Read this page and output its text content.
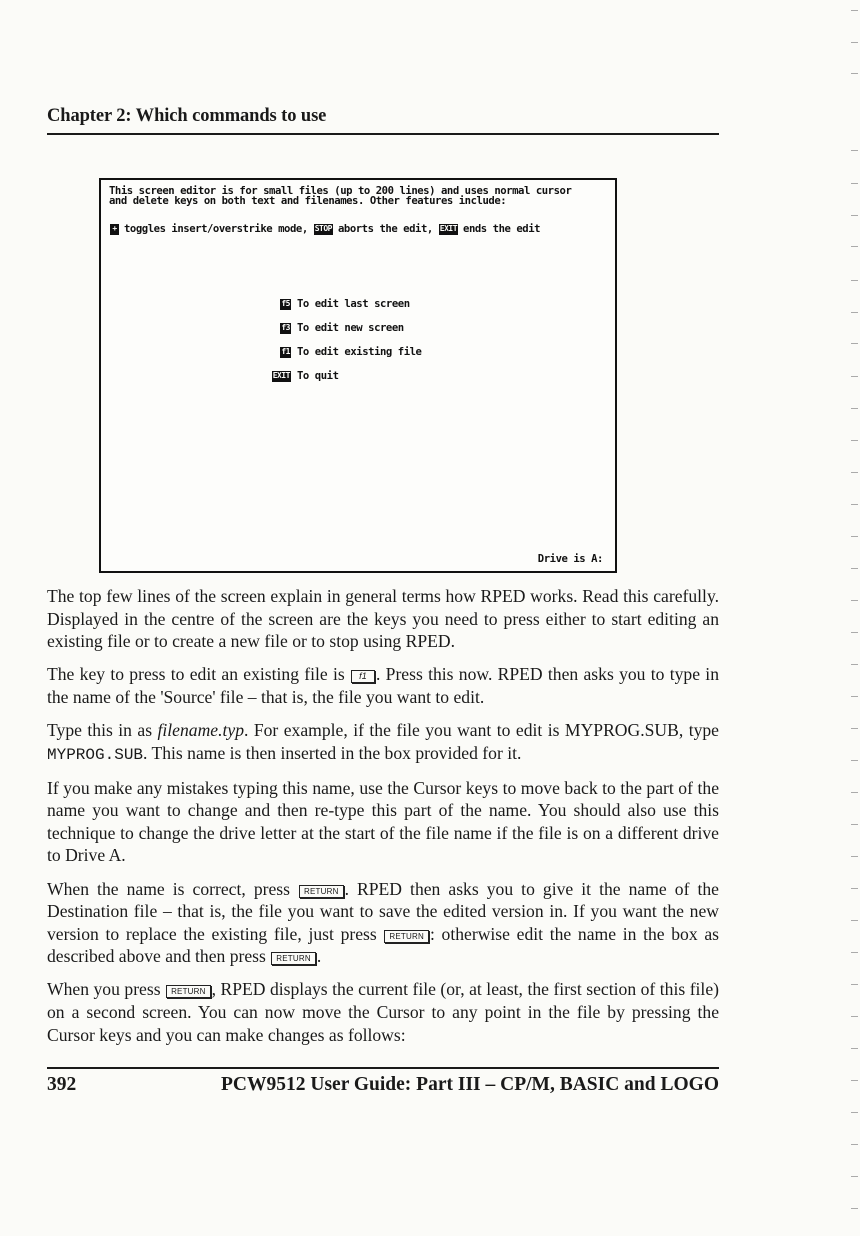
Chapter 2: Which commands to use
This screen editor is for small files (up to 200 lines) and uses normal cursor
and delete keys on both text and filenames. Other features include:
+ toggles insert/overstrike mode, STOP aborts the edit, EXIT ends the edit
f5 To edit last screen
f3 To edit new screen
f1 To edit existing file
EXIT To quit
Drive is A:

The top few lines of the screen explain in general terms how RPED works. Read this carefully. Displayed in the centre of the screen are the keys you need to press either to start editing an existing file or to create a new file or to stop using RPED.

The key to press to edit an existing file is f1 . Press this now. RPED then asks you to type in the name of the 'Source' file – that is, the file you want to edit.

Type this in as filename.typ. For example, if the file you want to edit is MYPROG.SUB, type MYPROG.SUB. This name is then inserted in the box provided for it.

If you make any mistakes typing this name, use the Cursor keys to move back to the part of the name you want to change and then re-type this part of the name. You should also use this technique to change the drive letter at the start of the file name if the file is on a different drive to Drive A.

When the name is correct, press RETURN . RPED then asks you to give it the name of the Destination file – that is, the file you want to save the edited version in. If you want the new version to replace the existing file, just press RETURN : otherwise edit the name in the box as described above and then press RETURN .

When you press RETURN , RPED displays the current file (or, at least, the first section of this file) on a second screen. You can now move the Cursor to any point in the file by pressing the Cursor keys and you can make changes as follows:

392	PCW9512 User Guide: Part III – CP/M, BASIC and LOGO
